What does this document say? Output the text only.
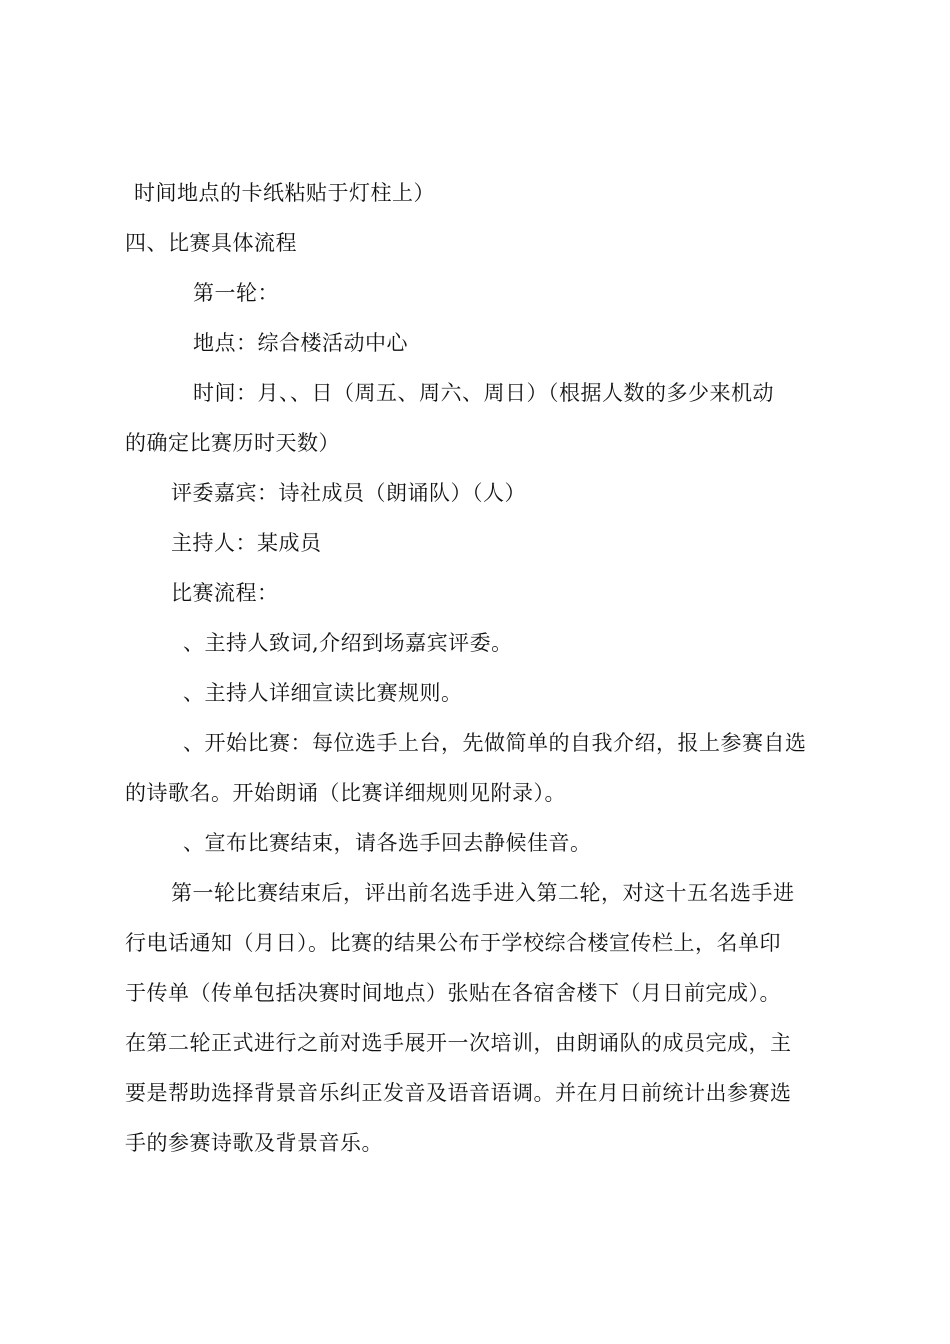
时间地点的卡纸粘贴于灯柱上）
四、比赛具体流程
第一轮：
地点：综合楼活动中心
时间：月、、日（周五、周六、周日）（根据人数的多少来机动
的确定比赛历时天数）
评委嘉宾：诗社成员（朗诵队）（人）
主持人：某成员
比赛流程：
、主持人致词,介绍到场嘉宾评委。
、主持人详细宣读比赛规则。
、开始比赛：每位选手上台，先做简单的自我介绍，报上参赛自选
的诗歌名。开始朗诵（比赛详细规则见附录）。
、宣布比赛结束，请各选手回去静候佳音。
第一轮比赛结束后，评出前名选手进入第二轮，对这十五名选手进
行电话通知（月日）。比赛的结果公布于学校综合楼宣传栏上，名单印
于传单（传单包括决赛时间地点）张贴在各宿舍楼下（月日前完成）。
在第二轮正式进行之前对选手展开一次培训，由朗诵队的成员完成，主
要是帮助选择背景音乐纠正发音及语音语调。并在月日前统计出参赛选
手的参赛诗歌及背景音乐。
